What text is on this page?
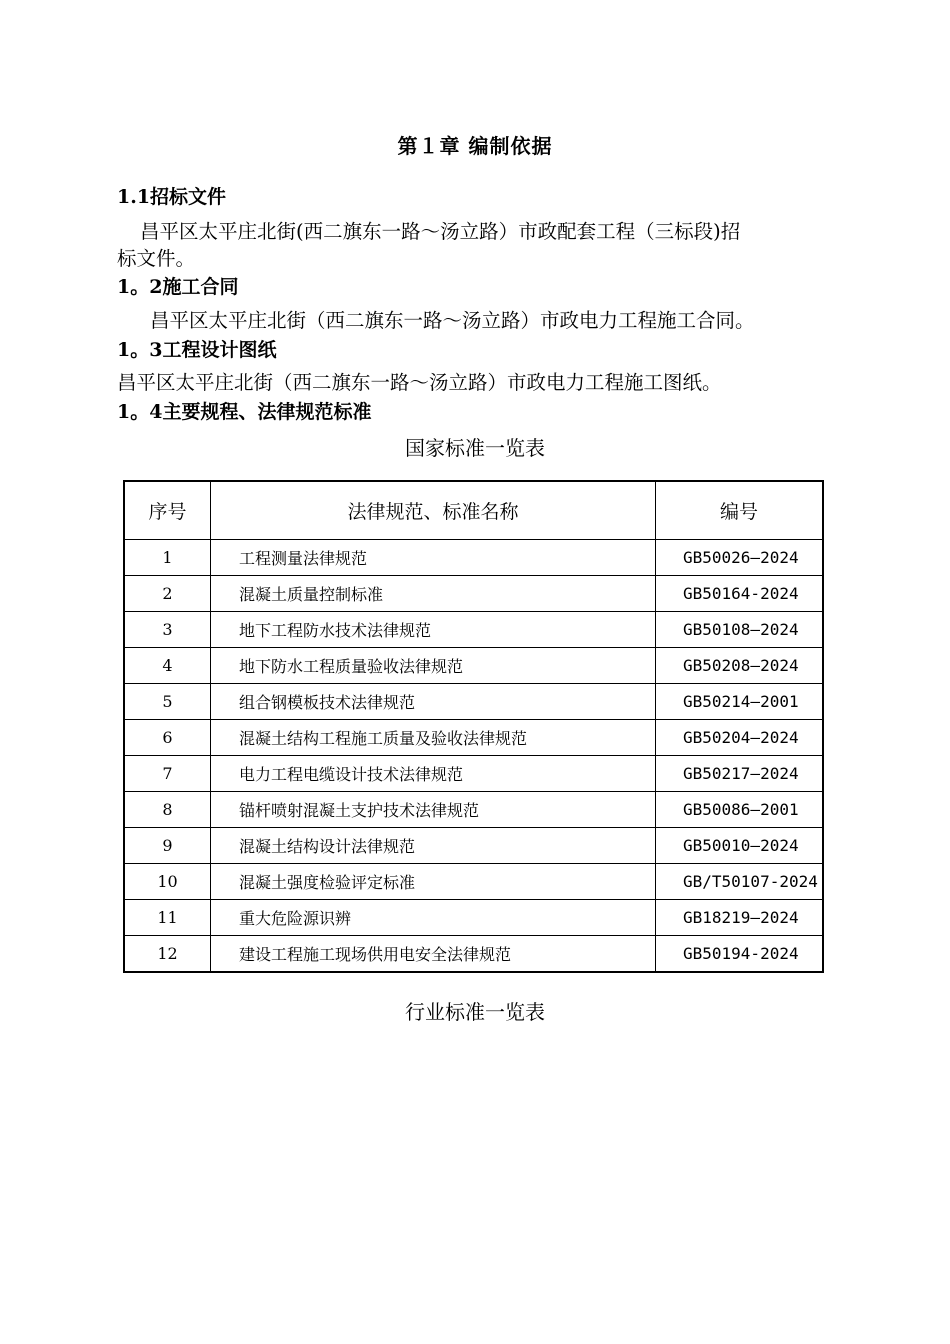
第１章 编制依据
1.1招标文件
昌平区太平庄北街(西二旗东一路～汤立路）市政配套工程（三标段)招
标文件。
1。2施工合同
昌平区太平庄北街（西二旗东一路～汤立路）市政电力工程施工合同。
1。3工程设计图纸
昌平区太平庄北街（西二旗东一路～汤立路）市政电力工程施工图纸。
1。4主要规程、法律规范标准
国家标准一览表
序号	法律规范、标准名称	编号
1	工程测量法律规范	GB50026—2024
2	混凝土质量控制标准	GB50164-2024
3	地下工程防水技术法律规范	GB50108—2024
4	地下防水工程质量验收法律规范	GB50208—2024
5	组合钢模板技术法律规范	GB50214—2001
6	混凝土结构工程施工质量及验收法律规范	GB50204—2024
7	电力工程电缆设计技术法律规范	GB50217—2024
8	锚杆喷射混凝土支护技术法律规范	GB50086—2001
9	混凝土结构设计法律规范	GB50010—2024
10	混凝土强度检验评定标准	GB/T50107-2024
11	重大危险源识辨	GB18219—2024
12	建设工程施工现场供用电安全法律规范	GB50194-2024
行业标准一览表
